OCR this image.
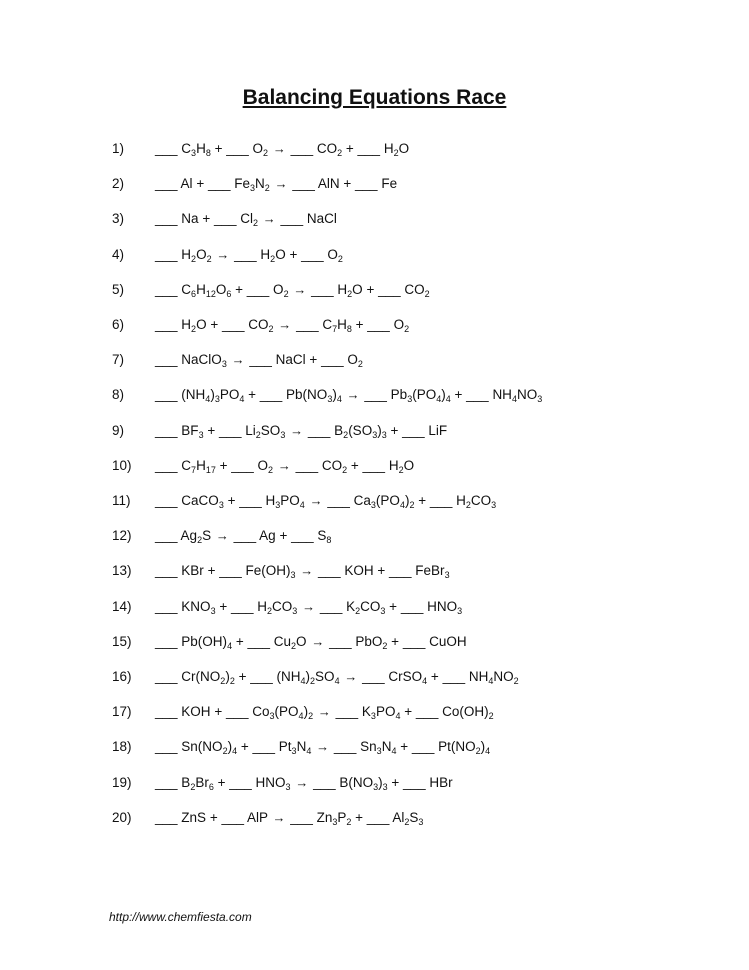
Balancing Equations Race
1) ___ $C_3H_8$ + ___ $O_2$ → ___ $CO_2$ + ___ $H_2O$
2) ___ Al + ___ $Fe_3N_2$ → ___ AlN + ___ Fe
3) ___ Na + ___ $Cl_2$ → ___ NaCl
4) ___ $H_2O_2$ → ___ $H_2O$ + ___ $O_2$
5) ___ $C_6H_{12}O_6$ + ___ $O_2$ → ___ $H_2O$ + ___ $CO_2$
6) ___ $H_2O$ + ___ $CO_2$ → ___ $C_7H_8$ + ___ $O_2$
7) ___ NaClO$_3$ → ___ NaCl + ___ $O_2$
8) ___ $(NH_4)_3PO_4$ + ___ $Pb(NO_3)_4$ → ___ $Pb_3(PO_4)_4$ + ___ $NH_4NO_3$
9) ___ $BF_3$ + ___ $Li_2SO_3$ → ___ $B_2(SO_3)_3$ + ___ LiF
10) ___ $C_7H_{17}$ + ___ $O_2$ → ___ $CO_2$ + ___ $H_2O$
11) ___ CaCO$_3$ + ___ $H_3PO_4$ → ___ $Ca_3(PO_4)_2$ + ___ $H_2CO_3$
12) ___ $Ag_2S$ → ___ Ag + ___ $S_8$
13) ___ KBr + ___ $Fe(OH)_3$ → ___ KOH + ___ FeBr$_3$
14) ___ $KNO_3$ + ___ $H_2CO_3$ → ___ $K_2CO_3$ + ___ $HNO_3$
15) ___ $Pb(OH)_4$ + ___ $Cu_2O$ → ___ PbO$_2$ + ___ CuOH
16) ___ $Cr(NO_2)_2$ + ___ $(NH_4)_2SO_4$ → ___ CrSO$_4$ + ___ $NH_4NO_2$
17) ___ KOH + ___ $Co_3(PO_4)_2$ → ___ $K_3PO_4$ + ___ $Co(OH)_2$
18) ___ $Sn(NO_2)_4$ + ___ $Pt_3N_4$ → ___ $Sn_3N_4$ + ___ $Pt(NO_2)_4$
19) ___ $B_2Br_6$ + ___ $HNO_3$ → ___ $B(NO_3)_3$ + ___ HBr
20) ___ ZnS + ___ AlP → ___ $Zn_3P_2$ + ___ $Al_2S_3$
http://www.chemfiesta.com
